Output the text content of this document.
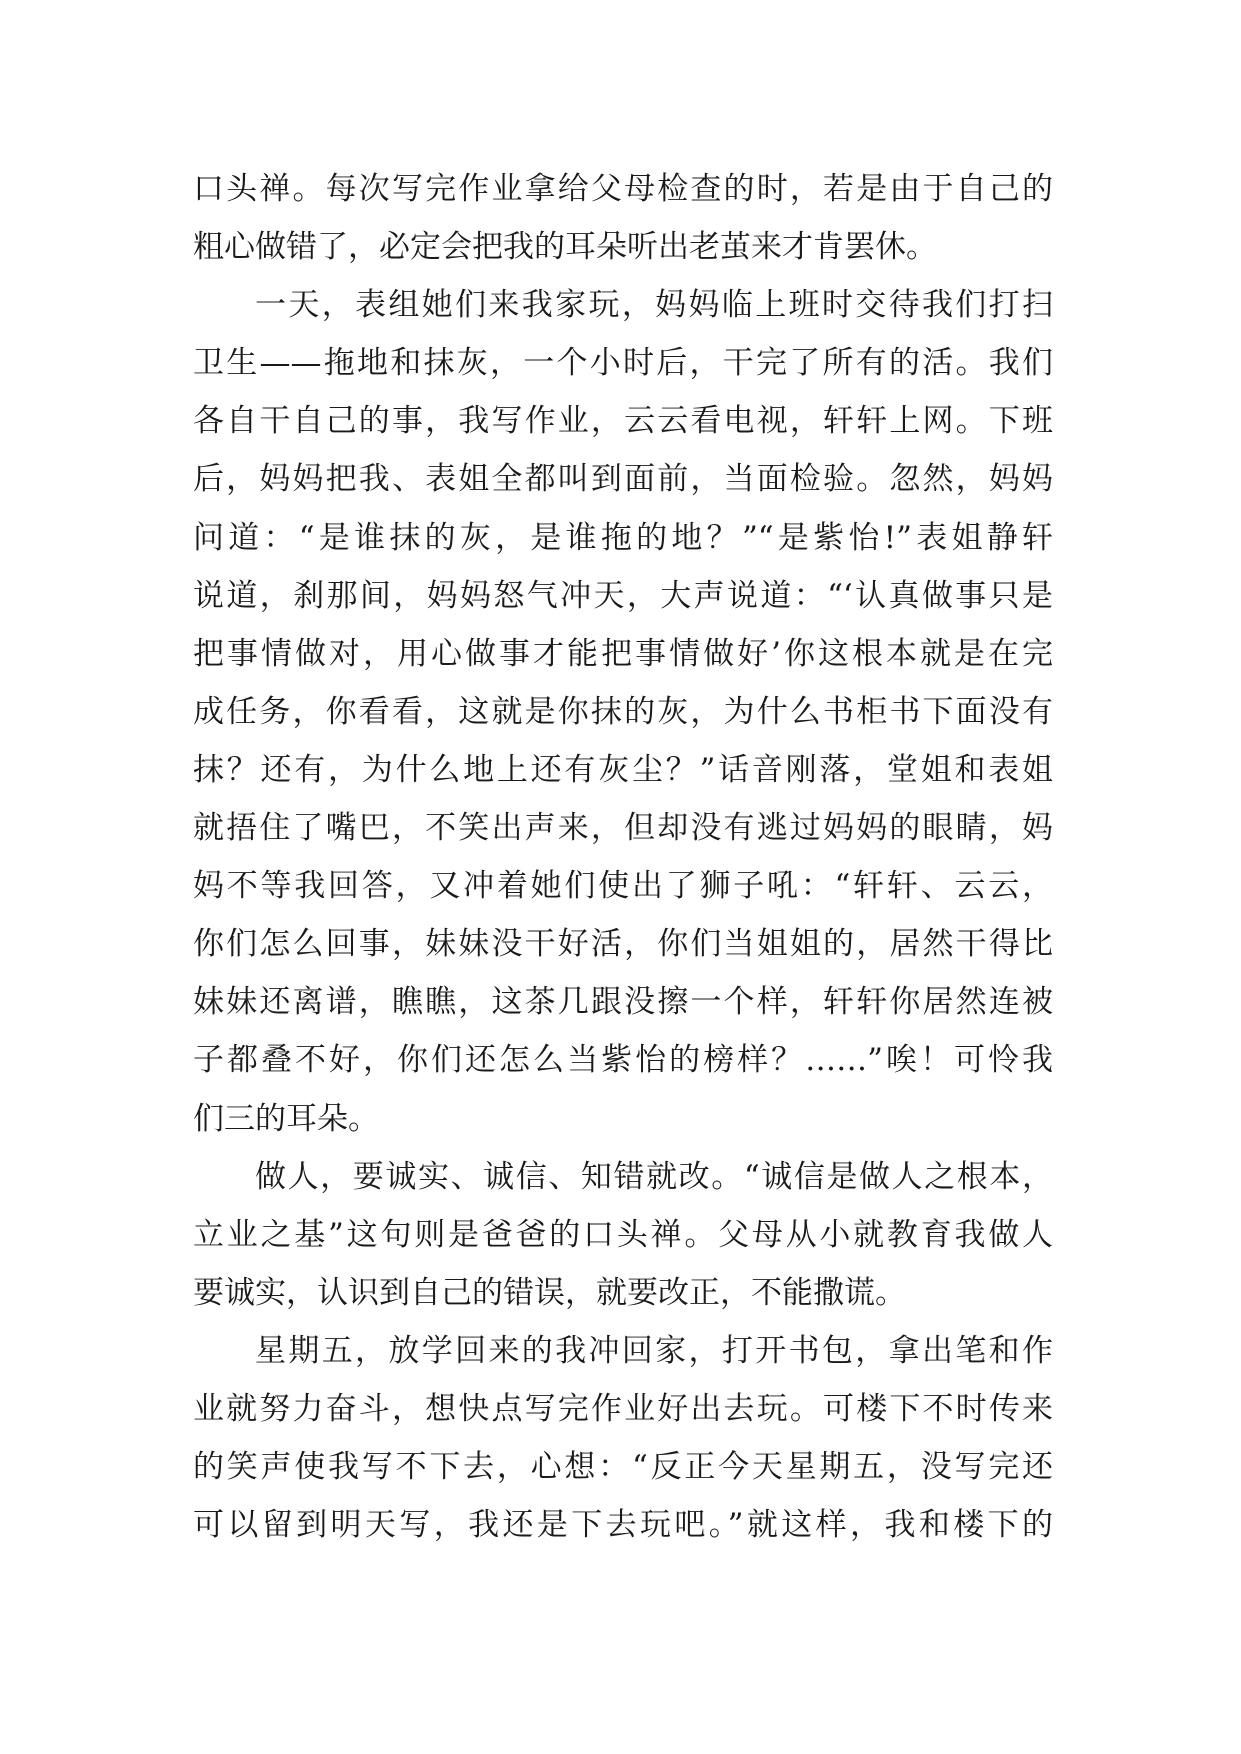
口头禅。每次写完作业拿给父母检查的时，若是由于自己的
粗心做错了，必定会把我的耳朵听出老茧来才肯罢休。
一天，表组她们来我家玩，妈妈临上班时交待我们打扫
卫生——拖地和抹灰，一个小时后，干完了所有的活。我们
各自干自己的事，我写作业，云云看电视，轩轩上网。下班
后，妈妈把我、表姐全都叫到面前，当面检验。忽然，妈妈
问道：“是谁抹的灰，是谁拖的地？”“是紫怡!”表姐静轩
说道，刹那间，妈妈怒气冲天，大声说道：“‘认真做事只是
把事情做对，用心做事才能把事情做好’你这根本就是在完
成任务，你看看，这就是你抹的灰，为什么书柜书下面没有
抹？还有，为什么地上还有灰尘？”话音刚落，堂姐和表姐
就捂住了嘴巴，不笑出声来，但却没有逃过妈妈的眼睛，妈
妈不等我回答，又冲着她们使出了狮子吼：“轩轩、云云，
你们怎么回事，妹妹没干好活，你们当姐姐的，居然干得比
妹妹还离谱，瞧瞧，这茶几跟没擦一个样，轩轩你居然连被
子都叠不好，你们还怎么当紫怡的榜样？……”唉！可怜我
们三的耳朵。
做人，要诚实、诚信、知错就改。“诚信是做人之根本，
立业之基”这句则是爸爸的口头禅。父母从小就教育我做人
要诚实，认识到自己的错误，就要改正，不能撒谎。
星期五，放学回来的我冲回家，打开书包，拿出笔和作
业就努力奋斗，想快点写完作业好出去玩。可楼下不时传来
的笑声使我写不下去，心想：“反正今天星期五，没写完还
可以留到明天写，我还是下去玩吧。”就这样，我和楼下的
